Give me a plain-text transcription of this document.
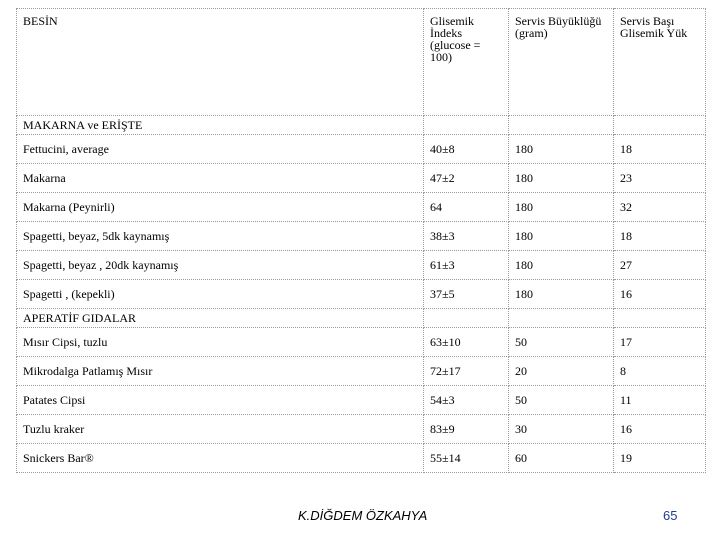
BESİN	Glisemik İndeks (glucose = 100)	Servis Büyüklüğü (gram)	Servis Başı Glisemik Yük
MAKARNA ve ERİŞTE			
Fettucini, average	40±8	180	18
Makarna	47±2	180	23
Makarna (Peynirli)	64	180	32
Spagetti, beyaz, 5dk kaynamış	38±3	180	18
Spagetti, beyaz , 20dk kaynamış	61±3	180	27
Spagetti , (kepekli)	37±5	180	16
APERATİF GIDALAR			
Mısır Cipsi, tuzlu	63±10	50	17
Mikrodalga Patlamış Mısır	72±17	20	8
Patates Cipsi	54±3	50	11
Tuzlu kraker	83±9	30	16
Snickers Bar®	55±14	60	19
K.DİĞDEM ÖZKAHYA	65
